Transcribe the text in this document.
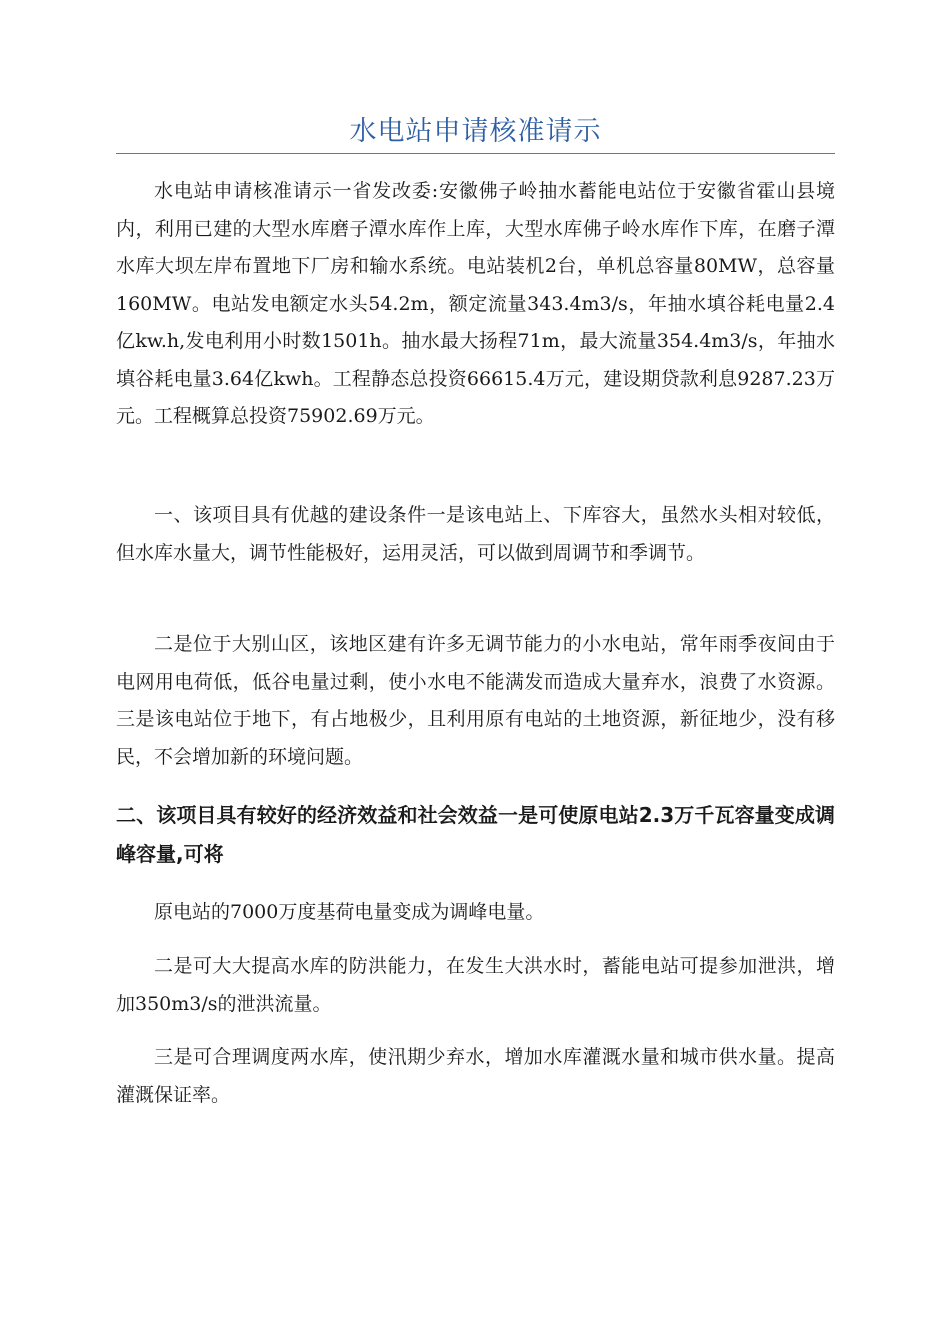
水电站申请核准请示

水电站申请核准请示一省发改委:安徽佛子岭抽水蓄能电站位于安徽省霍山县境内，利用已建的大型水库磨子潭水库作上库，大型水库佛子岭水库作下库，在磨子潭水库大坝左岸布置地下厂房和输水系统。电站装机2台，单机总容量80MW，总容量160MW。电站发电额定水头54.2m，额定流量343.4m3/s，年抽水填谷耗电量2.4亿kw.h,发电利用小时数1501h。抽水最大扬程71m，最大流量354.4m3/s，年抽水填谷耗电量3.64亿kwh。工程静态总投资66615.4万元，建设期贷款利息9287.23万元。工程概算总投资75902.69万元。

一、该项目具有优越的建设条件一是该电站上、下库容大，虽然水头相对较低，但水库水量大，调节性能极好，运用灵活，可以做到周调节和季调节。

二是位于大别山区，该地区建有许多无调节能力的小水电站，常年雨季夜间由于电网用电荷低，低谷电量过剩，使小水电不能满发而造成大量弃水，浪费了水资源。三是该电站位于地下，有占地极少，且利用原有电站的土地资源，新征地少，没有移民，不会增加新的环境问题。

二、该项目具有较好的经济效益和社会效益一是可使原电站2.3万千瓦容量变成调峰容量,可将

原电站的7000万度基荷电量变成为调峰电量。

二是可大大提高水库的防洪能力，在发生大洪水时，蓄能电站可提参加泄洪，增加350m3/s的泄洪流量。

三是可合理调度两水库，使汛期少弃水，增加水库灌溉水量和城市供水量。提高灌溉保证率。
